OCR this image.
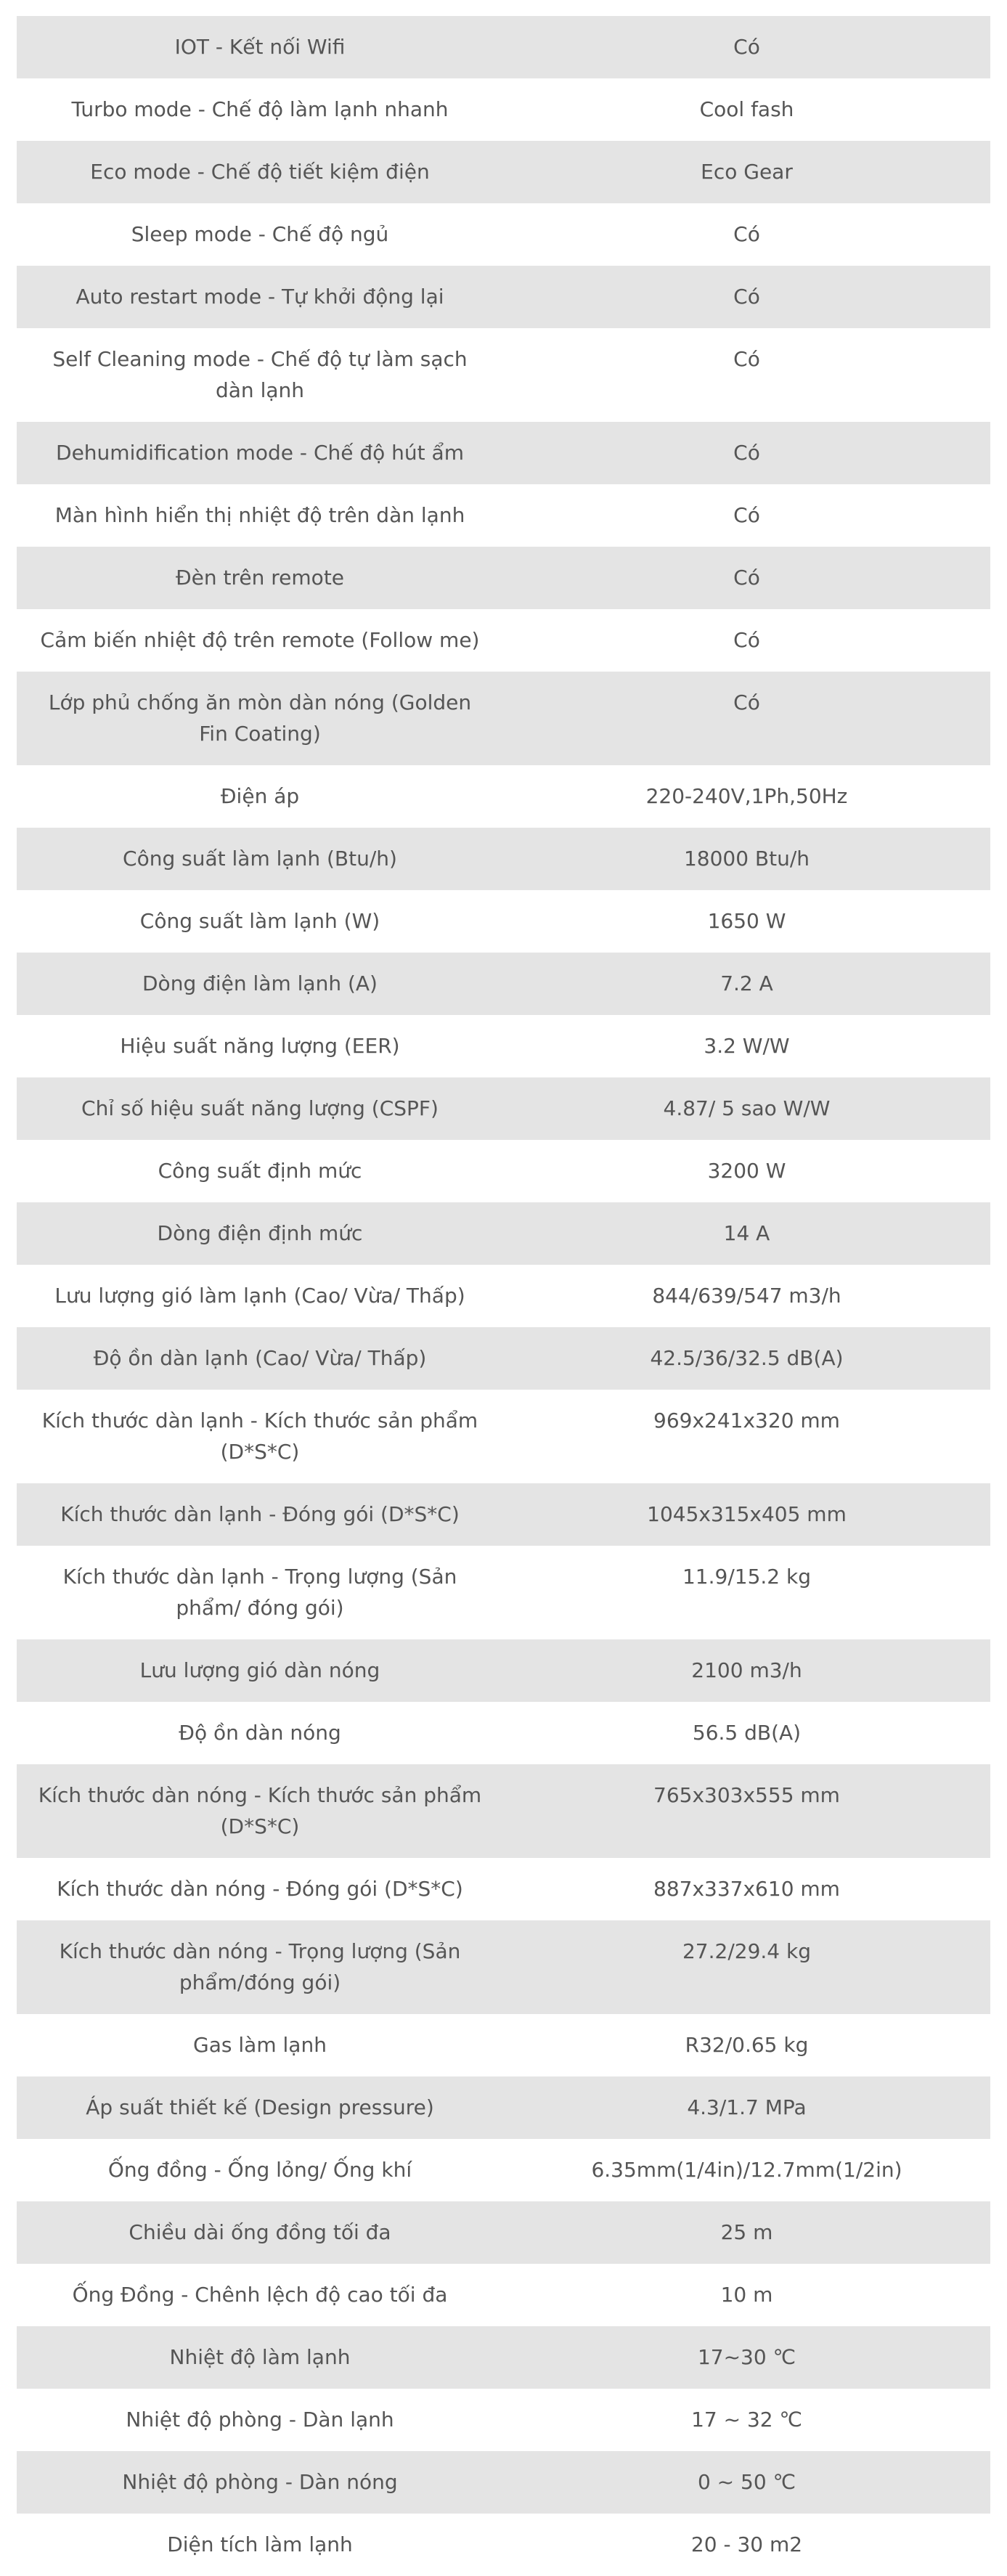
IOT - Kết nối Wifi	Có
Turbo mode - Chế độ làm lạnh nhanh	Cool fash
Eco mode - Chế độ tiết kiệm điện	Eco Gear
Sleep mode - Chế độ ngủ	Có
Auto restart mode - Tự khởi động lại	Có
Self Cleaning mode - Chế độ tự làm sạch dàn lạnh	Có
Dehumidification mode - Chế độ hút ẩm	Có
Màn hình hiển thị nhiệt độ trên dàn lạnh	Có
Đèn trên remote	Có
Cảm biến nhiệt độ trên remote (Follow me)	Có
Lớp phủ chống ăn mòn dàn nóng (Golden Fin Coating)	Có
Điện áp	220-240V,1Ph,50Hz
Công suất làm lạnh (Btu/h)	18000 Btu/h
Công suất làm lạnh (W)	1650 W
Dòng điện làm lạnh (A)	7.2 A
Hiệu suất năng lượng (EER)	3.2 W/W
Chỉ số hiệu suất năng lượng (CSPF)	4.87/ 5 sao W/W
Công suất định mức	3200 W
Dòng điện định mức	14 A
Lưu lượng gió làm lạnh (Cao/ Vừa/ Thấp)	844/639/547 m3/h
Độ ồn dàn lạnh (Cao/ Vừa/ Thấp)	42.5/36/32.5 dB(A)
Kích thước dàn lạnh - Kích thước sản phẩm (D*S*C)	969x241x320 mm
Kích thước dàn lạnh - Đóng gói (D*S*C)	1045x315x405 mm
Kích thước dàn lạnh - Trọng lượng (Sản phẩm/ đóng gói)	11.9/15.2 kg
Lưu lượng gió dàn nóng	2100 m3/h
Độ ồn dàn nóng	56.5 dB(A)
Kích thước dàn nóng - Kích thước sản phẩm (D*S*C)	765x303x555 mm
Kích thước dàn nóng - Đóng gói (D*S*C)	887x337x610 mm
Kích thước dàn nóng - Trọng lượng (Sản phẩm/đóng gói)	27.2/29.4 kg
Gas làm lạnh	R32/0.65 kg
Áp suất thiết kế (Design pressure)	4.3/1.7 MPa
Ống đồng - Ống lỏng/ Ống khí	6.35mm(1/4in)/12.7mm(1/2in)
Chiều dài ống đồng tối đa	25 m
Ống Đồng - Chênh lệch độ cao tối đa	10 m
Nhiệt độ làm lạnh	17~30 ℃
Nhiệt độ phòng - Dàn lạnh	17 ~ 32 ℃
Nhiệt độ phòng - Dàn nóng	0 ~ 50 ℃
Diện tích làm lạnh	20 - 30 m2
